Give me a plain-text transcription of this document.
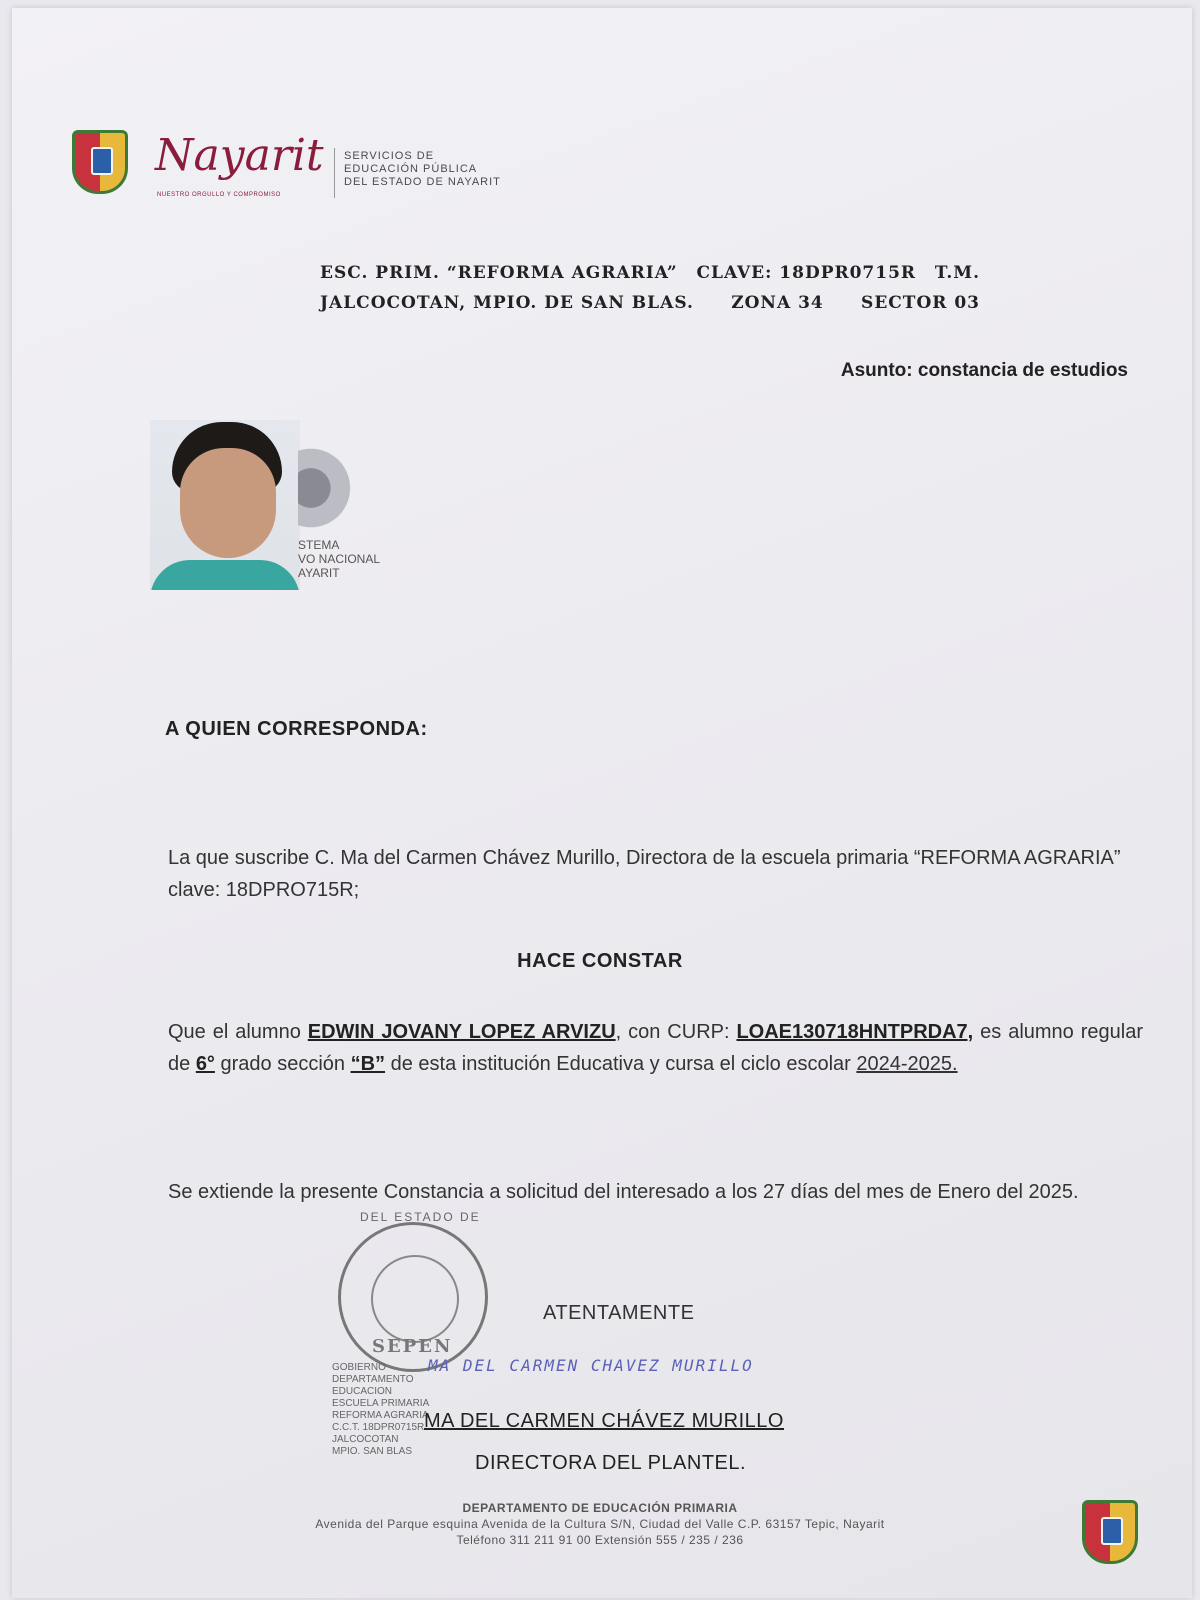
Nayarit
NUESTRO ORGULLO Y COMPROMISO
SERVICIOS DE
EDUCACIÓN PÚBLICA
DEL ESTADO DE NAYARIT
ESC. PRIM. “REFORMA AGRARIA” CLAVE: 18DPR0715R T.M.
JALCOCOTAN, MPIO. DE SAN BLAS. ZONA 34 SECTOR 03
Asunto: constancia de estudios
STEMA
VO NACIONAL
AYARIT
A QUIEN CORRESPONDA:
La que suscribe C. Ma del Carmen Chávez Murillo, Directora de la escuela primaria “REFORMA AGRARIA” clave: 18DPRO715R;
HACE CONSTAR
Que el alumno EDWIN JOVANY LOPEZ ARVIZU, con CURP: LOAE130718HNTPRDA7, es alumno regular de 6° grado sección “B” de esta institución Educativa y cursa el ciclo escolar 2024-2025.
Se extiende la presente Constancia a solicitud del interesado a los 27 días del mes de Enero del 2025.
DEL ESTADO DE
SEPEN
GOBIERNO
DEPARTAMENTO
EDUCACION
ESCUELA PRIMARIA
REFORMA AGRARIA
C.C.T. 18DPR0715R
JALCOCOTAN
MPIO. SAN BLAS
ATENTAMENTE
MA DEL CARMEN CHAVEZ MURILLO
MA DEL CARMEN CHÁVEZ MURILLO
DIRECTORA DEL PLANTEL.
DEPARTAMENTO DE EDUCACIÓN PRIMARIA
Avenida del Parque esquina Avenida de la Cultura S/N, Ciudad del Valle C.P. 63157 Tepic, Nayarit
Teléfono 311 211 91 00 Extensión 555 / 235 / 236
